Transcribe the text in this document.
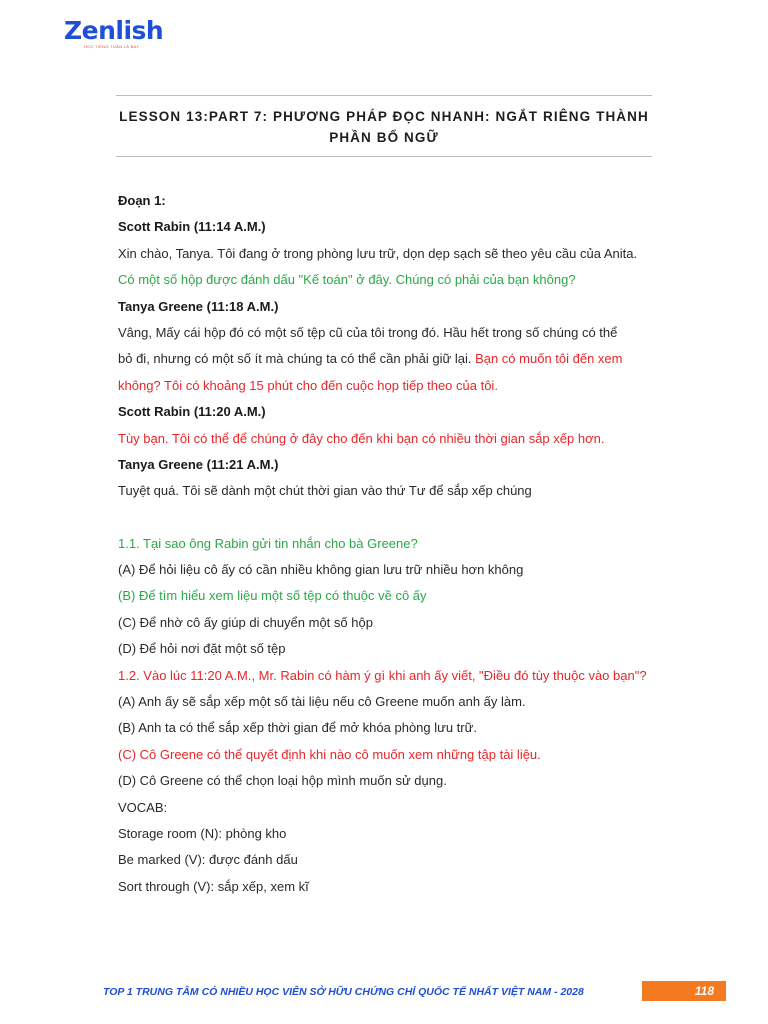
Zenlish
HỌC TIẾNG TUẦN LÀ BAY
LESSON 13:PART 7: PHƯƠNG PHÁP ĐỌC NHANH: NGẮT RIÊNG THÀNH
PHẦN BỔ NGỮ
Đoạn 1:
Scott Rabin (11:14 A.M.)
Xin chào, Tanya. Tôi đang ở trong phòng lưu trữ, dọn dẹp sạch sẽ theo yêu cầu của Anita.
Có một số hộp được đánh dấu "Kế toán" ở đây. Chúng có phải của bạn không?
Tanya Greene (11:18 A.M.)
Vâng, Mấy cái hộp đó có một số tệp cũ của tôi trong đó. Hầu hết trong số chúng có thể
bỏ đi, nhưng có một số ít mà chúng ta có thể cần phải giữ lại. Bạn có muốn tôi đến xem
không? Tôi có khoảng 15 phút cho đến cuộc họp tiếp theo của tôi.
Scott Rabin (11:20 A.M.)
Tùy bạn. Tôi có thể để chúng ở đây cho đến khi bạn có nhiều thời gian sắp xếp hơn.
Tanya Greene (11:21 A.M.)
Tuyệt quá. Tôi sẽ dành một chút thời gian vào thứ Tư để sắp xếp chúng
1.1. Tại sao ông Rabin gửi tin nhắn cho bà Greene?
(A) Để hỏi liệu cô ấy có cần nhiều không gian lưu trữ nhiều hơn không
(B) Để tìm hiểu xem liệu một số tệp có thuộc về cô ấy
(C) Để nhờ cô ấy giúp di chuyển một số hộp
(D) Để hỏi nơi đặt một số tệp
1.2. Vào lúc 11:20 A.M., Mr. Rabin có hàm ý gì khi anh ấy viết, "Điều đó tùy thuộc vào bạn"?
(A) Anh ấy sẽ sắp xếp một số tài liệu nếu cô Greene muốn anh ấy làm.
(B) Anh ta có thể sắp xếp thời gian để mở khóa phòng lưu trữ.
(C) Cô Greene có thể quyết định khi nào cô muốn xem những tập tài liệu.
(D) Cô Greene có thể chọn loại hộp mình muốn sử dụng.
VOCAB:
Storage room (N): phòng kho
Be marked (V): được đánh dấu
Sort through (V): sắp xếp, xem kĩ
TOP 1 TRUNG TÂM CÓ NHIỀU HỌC VIÊN SỞ HỮU CHỨNG CHỈ QUỐC TẾ NHẤT VIỆT NAM - 2028	118
